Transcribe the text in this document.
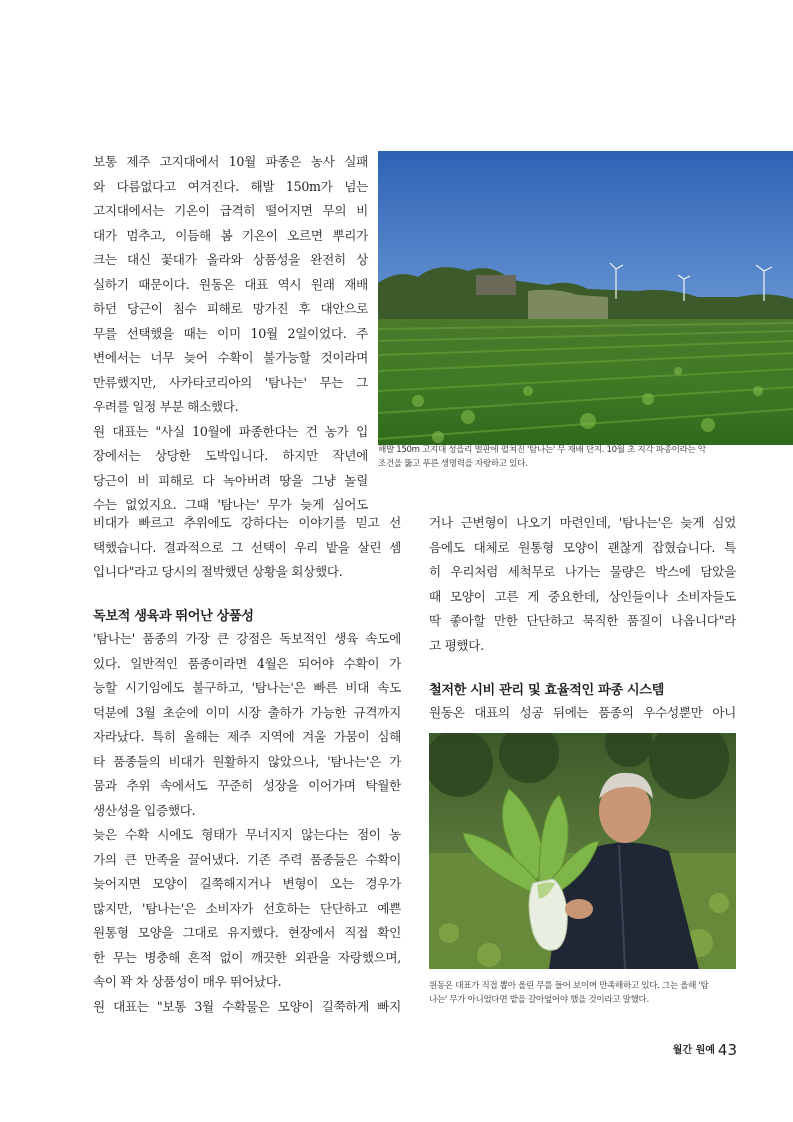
보통 제주 고지대에서 10월 파종은 농사 실패
와 다름없다고 여겨진다. 해발 150m가 넘는
고지대에서는 기온이 급격히 떨어지면 무의 비
대가 멈추고, 이듬해 봄 기온이 오르면 뿌리가
크는 대신 꽃대가 올라와 상품성을 완전히 상
실하기 때문이다. 원동온 대표 역시 원래 재배
하던 당근이 침수 피해로 망가진 후 대안으로
무를 선택했을 때는 이미 10월 2일이었다. 주
변에서는 너무 늦어 수확이 불가능할 것이라며
만류했지만, 사카타코리아의 '탐나는' 무는 그
우려를 일정 부분 해소했다.
원 대표는 "사실 10월에 파종한다는 건 농가 입
장에서는 상당한 도박입니다. 하지만 작년에
당근이 비 피해로 다 녹아버려 땅을 그냥 놀릴
수는 없었지요. 그때 '탐나는' 무가 늦게 심어도
비대가 빠르고 추위에도 강하다는 이야기를 믿고 선
택했습니다. 결과적으로 그 선택이 우리 밭을 살린 셈
입니다"라고 당시의 절박했던 상황을 회상했다.
독보적 생육과 뛰어난 상품성
'탐나는' 품종의 가장 큰 강점은 독보적인 생육 속도에
있다. 일반적인 품종이라면 4월은 되어야 수확이 가
능할 시기임에도 불구하고, '탐나는'은 빠른 비대 속도
덕분에 3월 초순에 이미 시장 출하가 가능한 규격까지
자라났다. 특히 올해는 제주 지역에 겨울 가뭄이 심해
타 품종들의 비대가 원활하지 않았으나, '탐나는'은 가
뭄과 추위 속에서도 꾸준히 성장을 이어가며 탁월한
생산성을 입증했다.
늦은 수확 시에도 형태가 무너지지 않는다는 점이 농
가의 큰 만족을 끌어냈다. 기존 주력 품종들은 수확이
늦어지면 모양이 길쭉해지거나 변형이 오는 경우가
많지만, '탐나는'은 소비자가 선호하는 단단하고 예쁜
원통형 모양을 그대로 유지했다. 현장에서 직접 확인
한 무는 병충해 흔적 없이 깨끗한 외관을 자랑했으며,
속이 꽉 차 상품성이 매우 뛰어났다.
원 대표는 "보통 3월 수확물은 모양이 길쭉하게 빠지
해발 150m 고지대 성읍리 벌판에 펼쳐진 '탐나는' 무 재배 단지. 10월 초 지각 파종이라는 악
조건을 뚫고 푸른 생명력을 자랑하고 있다.
거나 근변형이 나오기 마련인데, '탐나는'은 늦게 심었
음에도 대체로 원통형 모양이 괜찮게 잡혔습니다. 특
히 우리처럼 세척무로 나가는 물량은 박스에 담았을
때 모양이 고른 게 중요한데, 상인들이나 소비자들도
딱 좋아할 만한 단단하고 묵직한 품질이 나옵니다"라
고 평했다.
철저한 시비 관리 및 효율적인 파종 시스템
원동온 대표의 성공 뒤에는 품종의 우수성뿐만 아니
원동온 대표가 직접 뽑아 올린 무를 들어 보이며 만족해하고 있다. 그는 올해 '탐
나는' 무가 아니었다면 밭을 갈아엎어야 했을 것이라고 말했다.
월간 원예 43
